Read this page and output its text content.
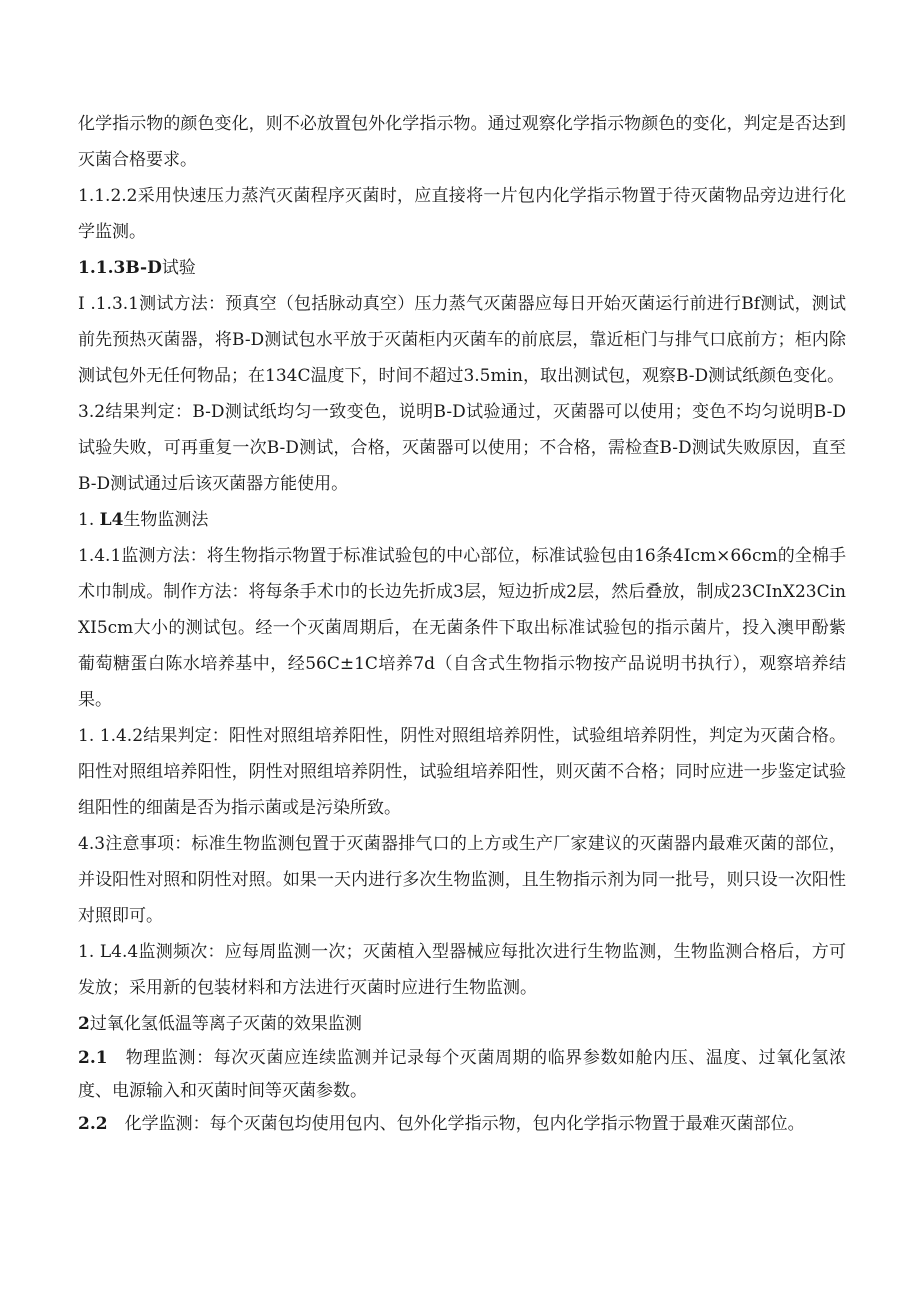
化学指示物的颜色变化，则不必放置包外化学指示物。通过观察化学指示物颜色的变化，判定是否达到灭菌合格要求。

1.1.2.2采用快速压力蒸汽灭菌程序灭菌时，应直接将一片包内化学指示物置于待灭菌物品旁边进行化学监测。

1.1.3B-D试验

I .1.3.1测试方法：预真空（包括脉动真空）压力蒸气灭菌器应每日开始灭菌运行前进行Bf测试，测试前先预热灭菌器，将B-D测试包水平放于灭菌柜内灭菌车的前底层，靠近柜门与排气口底前方；柜内除测试包外无任何物品；在134C温度下，时间不超过3.5min，取出测试包，观察B-D测试纸颜色变化。

3.2结果判定：B-D测试纸均匀一致变色，说明B-D试验通过，灭菌器可以使用；变色不均匀说明B-D试验失败，可再重复一次B-D测试，合格，灭菌器可以使用；不合格，需检查B-D测试失败原因，直至B-D测试通过后该灭菌器方能使用。

1. L4生物监测法

1.4.1监测方法：将生物指示物置于标准试验包的中心部位，标准试验包由16条4Icm×66cm的全棉手术巾制成。制作方法：将每条手术巾的长边先折成3层，短边折成2层，然后叠放，制成23CInX23CinXI5cm大小的测试包。经一个灭菌周期后，在无菌条件下取出标准试验包的指示菌片，投入澳甲酚紫葡萄糖蛋白陈水培养基中，经56C±1C培养7d（自含式生物指示物按产品说明书执行），观察培养结果。

1. 1.4.2结果判定：阳性对照组培养阳性，阴性对照组培养阴性，试验组培养阴性，判定为灭菌合格。阳性对照组培养阳性，阴性对照组培养阴性，试验组培养阳性，则灭菌不合格；同时应进一步鉴定试验组阳性的细菌是否为指示菌或是污染所致。

4.3注意事项：标准生物监测包置于灭菌器排气口的上方或生产厂家建议的灭菌器内最难灭菌的部位，并设阳性对照和阴性对照。如果一天内进行多次生物监测，且生物指示剂为同一批号，则只设一次阳性对照即可。

1. L4.4监测频次：应每周监测一次；灭菌植入型器械应每批次进行生物监测，生物监测合格后，方可发放；采用新的包装材料和方法进行灭菌时应进行生物监测。

2过氧化氢低温等离子灭菌的效果监测

2.1　物理监测：每次灭菌应连续监测并记录每个灭菌周期的临界参数如舱内压、温度、过氧化氢浓度、电源输入和灭菌时间等灭菌参数。

2.2　化学监测：每个灭菌包均使用包内、包外化学指示物，包内化学指示物置于最难灭菌部位。
